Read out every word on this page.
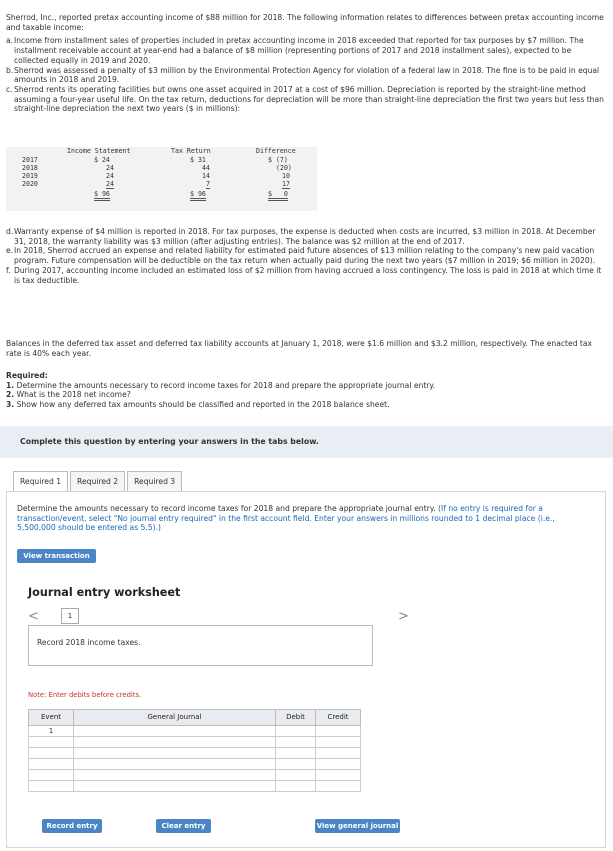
Sherrod, Inc., reported pretax accounting income of $88 million for 2018. The following information relates to differences between pretax accounting income and taxable income:
a. Income from installment sales of properties included in pretax accounting income in 2018 exceeded that reported for tax purposes by $7 million. The installment receivable account at year-end had a balance of $8 million (representing portions of 2017 and 2018 installment sales), expected to be collected equally in 2019 and 2020.
b. Sherrod was assessed a penalty of $3 million by the Environmental Protection Agency for violation of a federal law in 2018. The fine is to be paid in equal amounts in 2018 and 2019.
c. Sherrod rents its operating facilities but owns one asset acquired in 2017 at a cost of $96 million. Depreciation is reported by the straight-line method assuming a four-year useful life. On the tax return, deductions for depreciation will be more than straight-line depreciation the first two years but less than straight-line depreciation the next two years ($ in millions):
Income Statement	Tax Return	Difference
2017	$ 24	$ 31	$ (7)
2018	24	44	(20)
2019	24	14	10
2020	24	7	17
$ 96	$ 96	$   0
d. Warranty expense of $4 million is reported in 2018. For tax purposes, the expense is deducted when costs are incurred, $3 million in 2018. At December 31, 2018, the warranty liability was $3 million (after adjusting entries). The balance was $2 million at the end of 2017.
e. In 2018, Sherrod accrued an expense and related liability for estimated paid future absences of $13 million relating to the company's new paid vacation program. Future compensation will be deductible on the tax return when actually paid during the next two years ($7 million in 2019; $6 million in 2020).
f. During 2017, accounting income included an estimated loss of $2 million from having accrued a loss contingency. The loss is paid in 2018 at which time it is tax deductible.
Balances in the deferred tax asset and deferred tax liability accounts at January 1, 2018, were $1.6 million and $3.2 million, respectively. The enacted tax rate is 40% each year.
Required:
1. Determine the amounts necessary to record income taxes for 2018 and prepare the appropriate journal entry.
2. What is the 2018 net income?
3. Show how any deferred tax amounts should be classified and reported in the 2018 balance sheet.
Complete this question by entering your answers in the tabs below.
Required 1	Required 2	Required 3
Determine the amounts necessary to record income taxes for 2018 and prepare the appropriate journal entry. (If no entry is required for a transaction/event, select "No journal entry required" in the first account field. Enter your answers in millions rounded to 1 decimal place (i.e., 5,500,000 should be entered as 5.5).)
View transaction list
Journal entry worksheet
<	1	>
Record 2018 income taxes.
Note: Enter debits before credits.
Event	General Journal	Debit	Credit
1			

Record entry	Clear entry	View general journal
